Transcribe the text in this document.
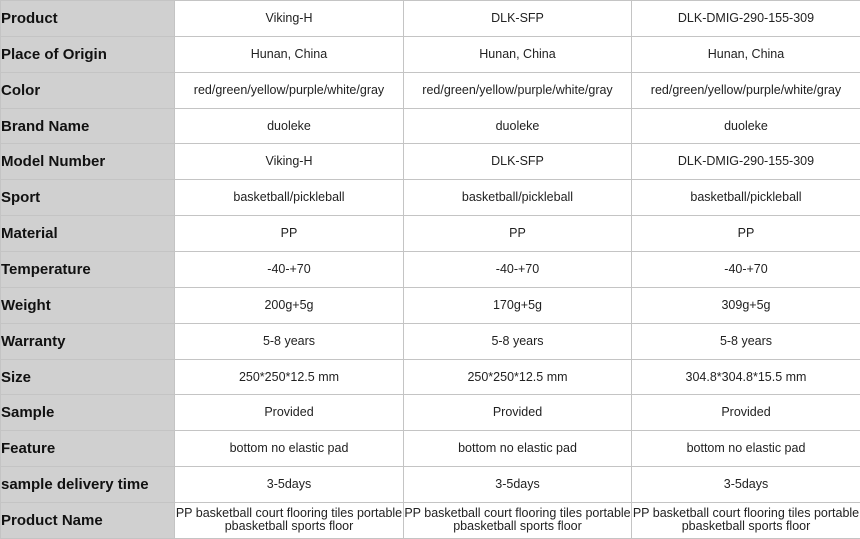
Product	Viking-H	DLK-SFP	DLK-DMIG-290-155-309
Place of Origin	Hunan, China	Hunan, China	Hunan, China
Color	red/green/yellow/purple/white/gray	red/green/yellow/purple/white/gray	red/green/yellow/purple/white/gray
Brand Name	duoleke	duoleke	duoleke
Model Number	Viking-H	DLK-SFP	DLK-DMIG-290-155-309
Sport	basketball/pickleball	basketball/pickleball	basketball/pickleball
Material	PP	PP	PP
Temperature	-40-+70	-40-+70	-40-+70
Weight	200g+5g	170g+5g	309g+5g
Warranty	5-8 years	5-8 years	5-8 years
Size	250*250*12.5 mm	250*250*12.5 mm	304.8*304.8*15.5 mm
Sample	Provided	Provided	Provided
Feature	bottom no elastic pad	bottom no elastic pad	bottom no elastic pad
sample delivery time	3-5days	3-5days	3-5days
Product Name	PP basketball court flooring tiles portable pbasketball sports floor	PP basketball court flooring tiles portable pbasketball sports floor	PP basketball court flooring tiles portable pbasketball sports floor
